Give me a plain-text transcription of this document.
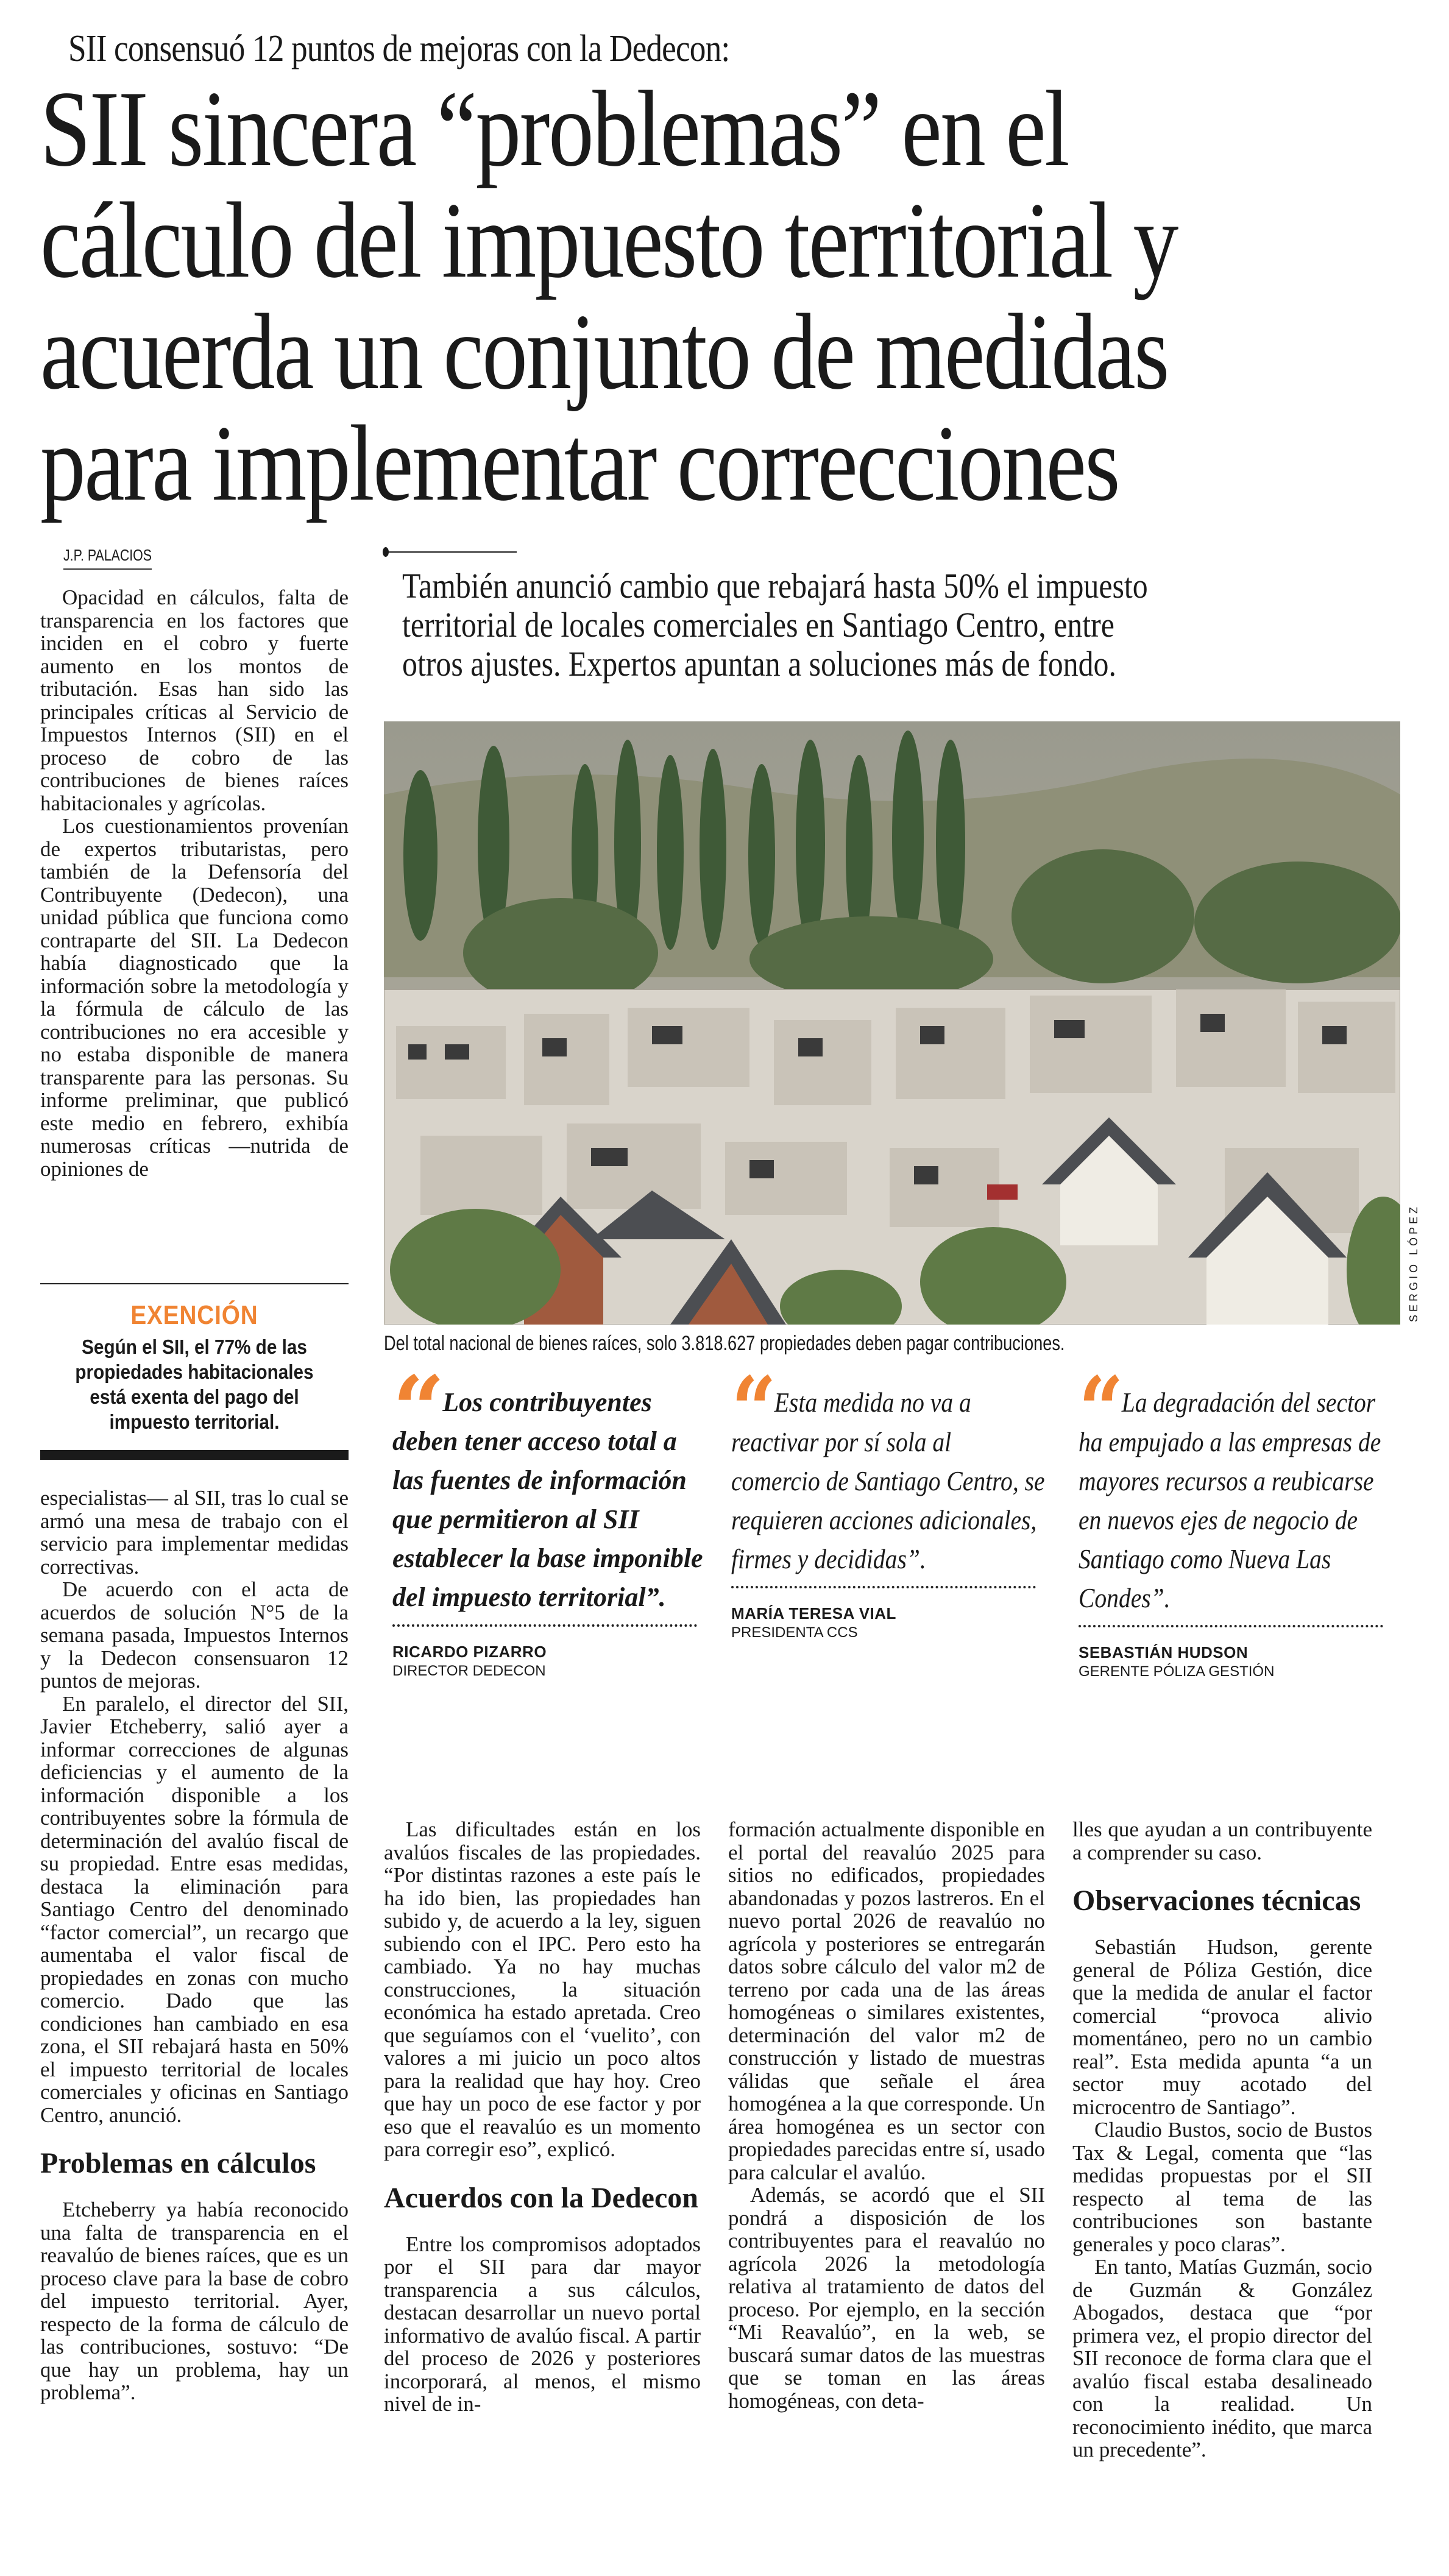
SII consensuó 12 puntos de mejoras con la Dedecon:
SII sincera “problemas” en el
cálculo del impuesto territorial y
acuerda un conjunto de medidas
para implementar correcciones
J.P. PALACIOS
También anunció cambio que rebajará hasta 50% el impuesto
territorial de locales comerciales en Santiago Centro, entre
otros ajustes. Expertos apuntan a soluciones más de fondo.

Opacidad en cálculos, falta de transparencia en los factores que inciden en el cobro y fuerte aumento en los montos de tributación. Esas han sido las principales críticas al Servicio de Impuestos Internos (SII) en el proceso de cobro de las contribuciones de bienes raíces habitacionales y agrícolas.

Los cuestionamientos provenían de expertos tributaristas, pero también de la Defensoría del Contribuyente (Dedecon), una unidad pública que funciona como contraparte del SII. La Dedecon había diagnosticado que la información sobre la metodología y la fórmula de cálculo de las contribuciones no era accesible y no estaba disponible de manera transparente para las personas. Su informe preliminar, que publicó este medio en febrero, exhibía numerosas críticas —nutrida de opiniones de

EXENCIÓN
Según el SII, el 77% de las propiedades habitacionales está exenta del pago del impuesto territorial.

especialistas— al SII, tras lo cual se armó una mesa de trabajo con el servicio para implementar medidas correctivas.

De acuerdo con el acta de acuerdos de solución N°5 de la semana pasada, Impuestos Internos y la Dedecon consensuaron 12 puntos de mejoras.

En paralelo, el director del SII, Javier Etcheberry, salió ayer a informar correcciones de algunas deficiencias y el aumento de la información disponible a los contribuyentes sobre la fórmula de determinación del avalúo fiscal de su propiedad. Entre esas medidas, destaca la eliminación para Santiago Centro del denominado “factor comercial”, un recargo que aumentaba el valor fiscal de propiedades en zonas con mucho comercio. Dado que las condiciones han cambiado en esa zona, el SII rebajará hasta en 50% el impuesto territorial de locales comerciales y oficinas en Santiago Centro, anunció.

Problemas en cálculos

Etcheberry ya había reconocido una falta de transparencia en el reavalúo de bienes raíces, que es un proceso clave para la base de cobro del impuesto territorial. Ayer, respecto de la forma de cálculo de las contribuciones, sostuvo: “De que hay un problema, hay un problema”.

SERGIO LÓPEZ
Del total nacional de bienes raíces, solo 3.818.627 propiedades deben pagar contribuciones.

“ Los contribuyentes deben tener acceso total a las fuentes de información que permitieron al SII establecer la base imponible del impuesto territorial”.

RICARDO PIZARRO
DIRECTOR DEDECON

“ Esta medida no va a reactivar por sí sola al comercio de Santiago Centro, se requieren acciones adicionales, firmes y decididas”.

MARÍA TERESA VIAL
PRESIDENTA CCS

“ La degradación del sector ha empujado a las empresas de mayores recursos a reubicarse en nuevos ejes de negocio de Santiago como Nueva Las Condes”.

SEBASTIÁN HUDSON
GERENTE PÓLIZA GESTIÓN

Las dificultades están en los avalúos fiscales de las propiedades. “Por distintas razones a este país le ha ido bien, las propiedades han subido y, de acuerdo a la ley, siguen subiendo con el IPC. Pero esto ha cambiado. Ya no hay muchas construcciones, la situación económica ha estado apretada. Creo que seguíamos con el ‘vuelito’, con valores a mi juicio un poco altos para la realidad que hay hoy. Creo que hay un poco de ese factor y por eso que el reavalúo es un momento para corregir eso”, explicó.

Acuerdos con la Dedecon

Entre los compromisos adoptados por el SII para dar mayor transparencia a sus cálculos, destacan desarrollar un nuevo portal informativo de avalúo fiscal. A partir del proceso de 2026 y posteriores incorporará, al menos, el mismo nivel de in-

formación actualmente disponible en el portal del reavalúo 2025 para sitios no edificados, propiedades abandonadas y pozos lastreros. En el nuevo portal 2026 de reavalúo no agrícola y posteriores se entregarán datos sobre cálculo del valor m2 de terreno por cada una de las áreas homogéneas o similares existentes, determinación del valor m2 de construcción y listado de muestras válidas que señale el área homogénea a la que corresponde. Un área homogénea es un sector con propiedades parecidas entre sí, usado para calcular el avalúo.

Además, se acordó que el SII pondrá a disposición de los contribuyentes para el reavalúo no agrícola 2026 la metodología relativa al tratamiento de datos del proceso. Por ejemplo, en la sección “Mi Reavalúo”, en la web, se buscará sumar datos de las muestras que se toman en las áreas homogéneas, con deta-

lles que ayudan a un contribuyente a comprender su caso.

Observaciones técnicas

Sebastián Hudson, gerente general de Póliza Gestión, dice que la medida de anular el factor comercial “provoca alivio momentáneo, pero no un cambio real”. Esta medida apunta “a un sector muy acotado del microcentro de Santiago”.

Claudio Bustos, socio de Bustos Tax & Legal, comenta que “las medidas propuestas por el SII respecto al tema de las contribuciones son bastante generales y poco claras”.

En tanto, Matías Guzmán, socio de Guzmán & González Abogados, destaca que “por primera vez, el propio director del SII reconoce de forma clara que el avalúo fiscal estaba desalineado con la realidad. Un reconocimiento inédito, que marca un precedente”.
